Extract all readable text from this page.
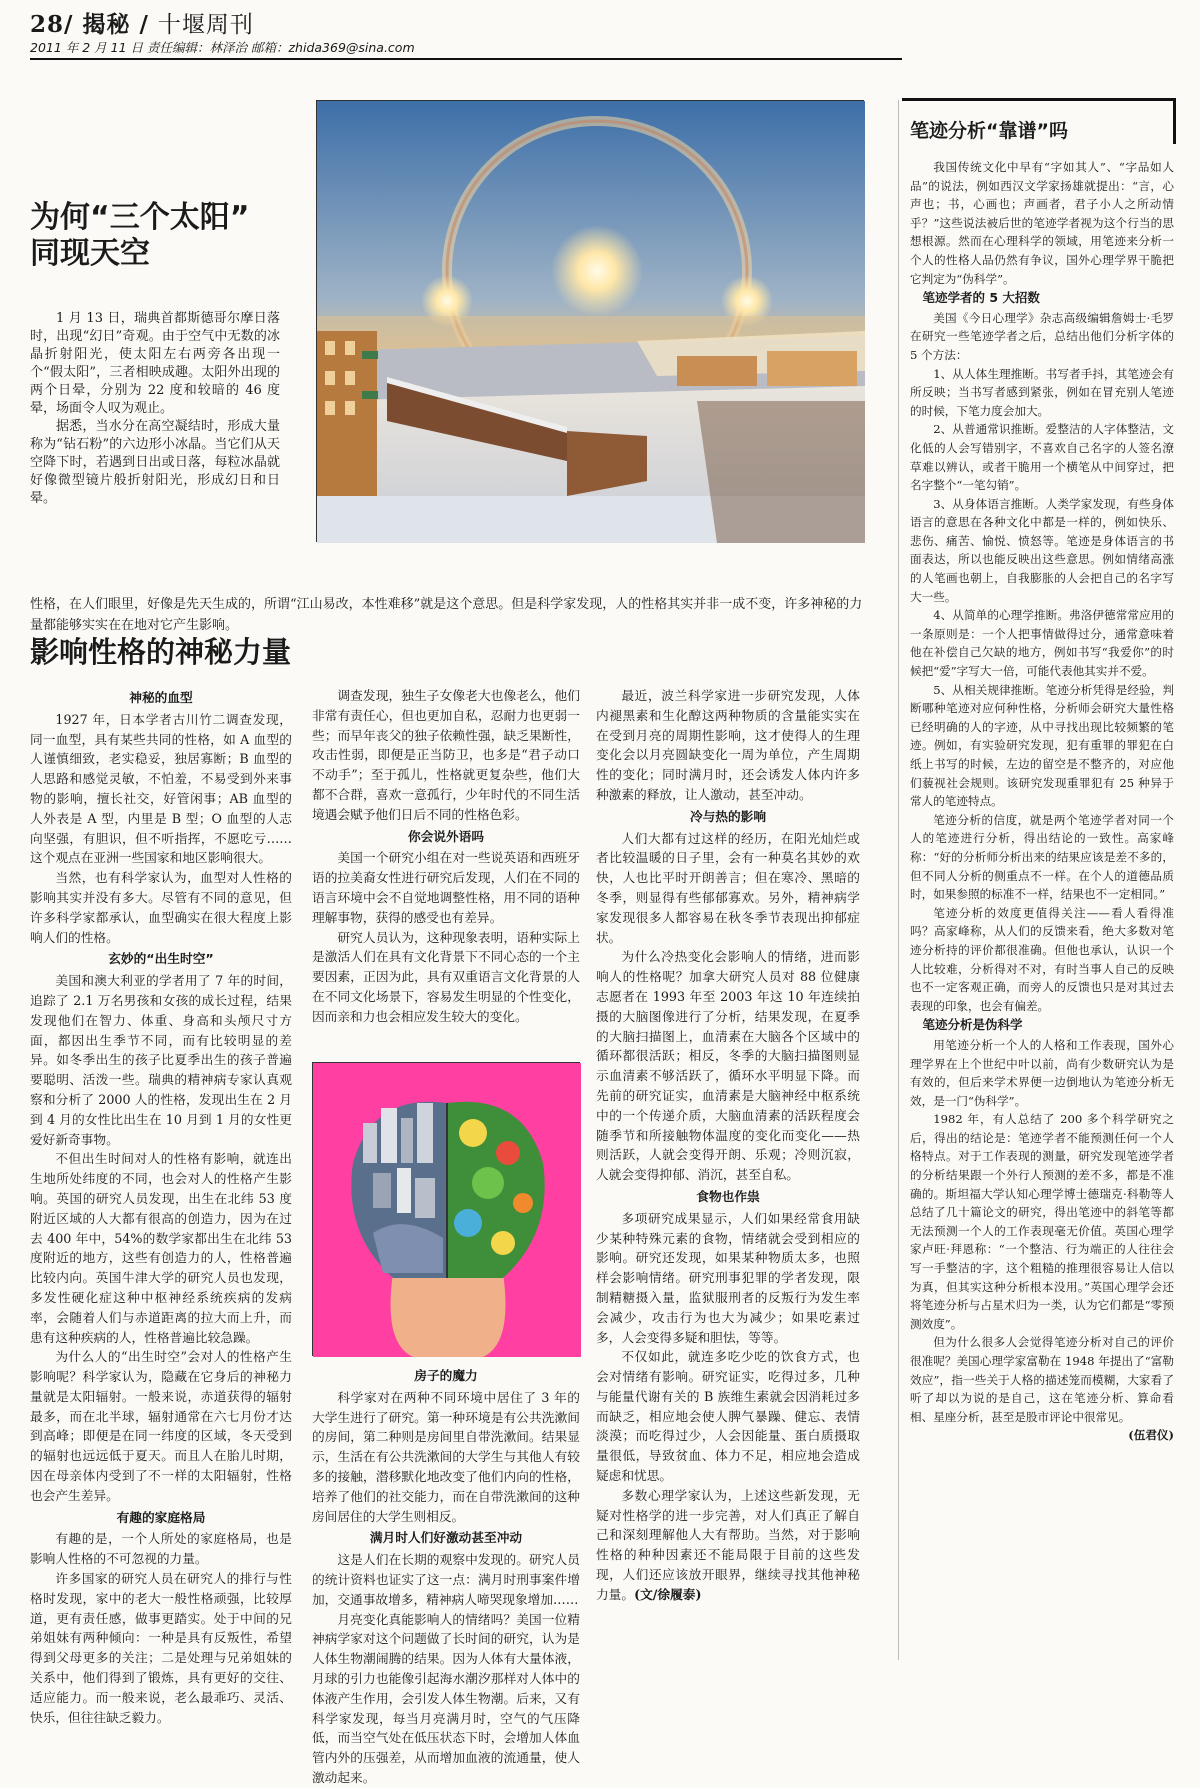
28/ 揭秘 / 十堰周刊
2011 年 2 月 11 日 责任编辑：林泽治 邮箱：zhida369@sina.com
为何“三个太阳”
同现天空

1 月 13 日，瑞典首都斯德哥尔摩日落时，出现“幻日”奇观。由于空气中无数的冰晶折射阳光，使太阳左右两旁各出现一个“假太阳”，三者相映成趣。太阳外出现的两个日晕，分别为 22 度和较暗的 46 度晕，场面令人叹为观止。

据悉，当水分在高空凝结时，形成大量称为“钻石粉”的六边形小冰晶。当它们从天空降下时，若遇到日出或日落，每粒冰晶就好像微型镜片般折射阳光，形成幻日和日晕。

笔迹分析“靠谱”吗

我国传统文化中早有“字如其人”、“字品如人品”的说法，例如西汉文学家扬雄就提出：“言，心声也；书，心画也；声画者，君子小人之所动情乎？”这些说法被后世的笔迹学者视为这个行当的思想根源。然而在心理科学的领域，用笔迹来分析一个人的性格人品仍然有争议，国外心理学界干脆把它判定为“伪科学”。

笔迹学者的 5 大招数

美国《今日心理学》杂志高级编辑詹姆士·毛罗在研究一些笔迹学者之后，总结出他们分析字体的 5 个方法：

1、从人体生理推断。书写者手抖，其笔迹会有所反映；当书写者感到紧张，例如在冒充别人笔迹的时候，下笔力度会加大。

2、从普通常识推断。爱整洁的人字体整洁，文化低的人会写错别字，不喜欢自己名字的人签名潦草难以辨认，或者干脆用一个横笔从中间穿过，把名字整个“一笔勾销”。

3、从身体语言推断。人类学家发现，有些身体语言的意思在各种文化中都是一样的，例如快乐、悲伤、痛苦、愉悦、愤怒等。笔迹是身体语言的书面表达，所以也能反映出这些意思。例如情绪高涨的人笔画也朝上，自我膨胀的人会把自己的名字写大一些。

4、从简单的心理学推断。弗洛伊德常常应用的一条原则是：一个人把事情做得过分，通常意味着他在补偿自己欠缺的地方，例如书写“我爱你”的时候把“爱”字写大一倍，可能代表他其实并不爱。

5、从相关规律推断。笔迹分析凭得是经验，判断哪种笔迹对应何种性格，分析师会研究大量性格已经明确的人的字迹，从中寻找出现比较频繁的笔迹。例如，有实验研究发现，犯有重罪的罪犯在白纸上书写的时候，左边的留空是不整齐的，对应他们藐视社会规则。该研究发现重罪犯有 25 种异于常人的笔迹特点。

笔迹分析的信度，就是两个笔迹学者对同一个人的笔迹进行分析，得出结论的一致性。高家峰称：“好的分析师分析出来的结果应该是差不多的，但不同人分析的侧重点不一样。在个人的道德品质时，如果参照的标准不一样，结果也不一定相同。”

笔迹分析的效度更值得关注——看人看得准吗？高家峰称，从人们的反馈来看，绝大多数对笔迹分析持的评价都很准确。但他也承认，认识一个人比较难，分析得对不对，有时当事人自己的反映也不一定客观正确，而旁人的反馈也只是对其过去表现的印象，也会有偏差。

笔迹分析是伪科学

用笔迹分析一个人的人格和工作表现，国外心理学界在上个世纪中叶以前，尚有少数研究认为是有效的，但后来学术界便一边倒地认为笔迹分析无效，是一门“伪科学”。

1982 年，有人总结了 200 多个科学研究之后，得出的结论是：笔迹学者不能预测任何一个人格特点。对于工作表现的测量，研究发现笔迹学者的分析结果跟一个外行人预测的差不多，都是不准确的。斯坦福大学认知心理学博士德瑞克·科勒等人总结了几十篇论文的研究，得出笔迹中的斜笔等都无法预测一个人的工作表现毫无价值。英国心理学家卢旺·拜恩称：“一个整洁、行为端正的人往往会写一手整洁的字，这个粗糙的推理很容易让人信以为真，但其实这种分析根本没用。”英国心理学会还将笔迹分析与占星术归为一类，认为它们都是“零预测效度”。

但为什么很多人会觉得笔迹分析对自己的评价很准呢？美国心理学家富勒在 1948 年提出了“富勒效应”，指一些关于人格的描述笼而模糊，大家看了听了却以为说的是自己，这在笔迹分析、算命看相、星座分析，甚至是股市评论中很常见。

(伍君仪)

性格，在人们眼里，好像是先天生成的，所谓“江山易改，本性难移”就是这个意思。但是科学家发现，人的性格其实并非一成不变，许多神秘的力量都能够实实在在地对它产生影响。
影响性格的神秘力量
神秘的血型

1927 年，日本学者古川竹二调查发现，同一血型，具有某些共同的性格，如 A 血型的人谨慎细致，老实稳妥，独居寡断；B 血型的人思路和感觉灵敏，不怕羞，不易受到外来事物的影响，擅长社交，好管闲事；AB 血型的人外表是 A 型，内里是 B 型；O 血型的人志向坚强，有胆识，但不听指挥，不愿吃亏……这个观点在亚洲一些国家和地区影响很大。

当然，也有科学家认为，血型对人性格的影响其实并没有多大。尽管有不同的意见，但许多科学家都承认，血型确实在很大程度上影响人们的性格。

玄妙的“出生时空”

美国和澳大利亚的学者用了 7 年的时间，追踪了 2.1 万名男孩和女孩的成长过程，结果发现他们在智力、体重、身高和头颅尺寸方面，都因出生季节不同，而有比较明显的差异。如冬季出生的孩子比夏季出生的孩子普遍要聪明、活泼一些。瑞典的精神病专家认真观察和分析了 2000 人的性格，发现出生在 2 月到 4 月的女性比出生在 10 月到 1 月的女性更爱好新奇事物。

不但出生时间对人的性格有影响，就连出生地所处纬度的不同，也会对人的性格产生影响。英国的研究人员发现，出生在北纬 53 度附近区域的人大都有很高的创造力，因为在过去 400 年中，54%的数学家都出生在北纬 53 度附近的地方，这些有创造力的人，性格普遍比较内向。英国牛津大学的研究人员也发现，多发性硬化症这种中枢神经系统疾病的发病率，会随着人们与赤道距离的拉大而上升，而患有这种疾病的人，性格普遍比较急躁。

为什么人的“出生时空”会对人的性格产生影响呢？科学家认为，隐藏在它身后的神秘力量就是太阳辐射。一般来说，赤道获得的辐射最多，而在北半球，辐射通常在六七月份才达到高峰；即便是在同一纬度的区域，冬天受到的辐射也远远低于夏天。而且人在胎儿时期，因在母亲体内受到了不一样的太阳辐射，性格也会产生差异。

有趣的家庭格局

有趣的是，一个人所处的家庭格局，也是影响人性格的不可忽视的力量。

许多国家的研究人员在研究人的排行与性格时发现，家中的老大一般性格顽强，比较厚道，更有责任感，做事更踏实。处于中间的兄弟姐妹有两种倾向：一种是具有反叛性，希望得到父母更多的关注；二是处理与兄弟姐妹的关系中，他们得到了锻炼，具有更好的交往、适应能力。而一般来说，老么最乖巧、灵活、快乐，但往往缺乏毅力。

调查发现，独生子女像老大也像老么，他们非常有责任心，但也更加自私，忍耐力也更弱一些；而早年丧父的独子依赖性强，缺乏果断性，攻击性弱，即便是正当防卫，也多是“君子动口不动手”；至于孤儿，性格就更复杂些，他们大都不合群，喜欢一意孤行，少年时代的不同生活境遇会赋予他们日后不同的性格色彩。

你会说外语吗

美国一个研究小组在对一些说英语和西班牙语的拉美裔女性进行研究后发现，人们在不同的语言环境中会不自觉地调整性格，用不同的语种理解事物，获得的感受也有差异。

研究人员认为，这种现象表明，语种实际上是激活人们在具有文化背景下不同心态的一个主要因素，正因为此，具有双重语言文化背景的人在不同文化场景下，容易发生明显的个性变化，因而亲和力也会相应发生较大的变化。

房子的魔力

科学家对在两种不同环境中居住了 3 年的大学生进行了研究。第一种环境是有公共洗漱间的房间，第二种则是房间里自带洗漱间。结果显示，生活在有公共洗漱间的大学生与其他人有较多的接触，潜移默化地改变了他们内向的性格，培养了他们的社交能力，而在自带洗漱间的这种房间居住的大学生则相反。

满月时人们好激动甚至冲动

这是人们在长期的观察中发现的。研究人员的统计资料也证实了这一点：满月时刑事案件增加，交通事故增多，精神病人啼哭现象增加……

月亮变化真能影响人的情绪吗？美国一位精神病学家对这个问题做了长时间的研究，认为是人体生物潮闹腾的结果。因为人体有大量体液，月球的引力也能像引起海水潮汐那样对人体中的体液产生作用，会引发人体生物潮。后来，又有科学家发现，每当月亮满月时，空气的气压降低，而当空气处在低压状态下时，会增加人体血管内外的压强差，从而增加血液的流通量，使人激动起来。

最近，波兰科学家进一步研究发现，人体内褪黑素和生化醇这两种物质的含量能实实在在受到月亮的周期性影响，这才使得人的生理变化会以月亮圆缺变化一周为单位，产生周期性的变化；同时满月时，还会诱发人体内许多种激素的释放，让人激动，甚至冲动。

冷与热的影响

人们大都有过这样的经历，在阳光灿烂或者比较温暖的日子里，会有一种莫名其妙的欢快，人也比平时开朗善言；但在寒冷、黑暗的冬季，则显得有些郁郁寡欢。另外，精神病学家发现很多人都容易在秋冬季节表现出抑郁症状。

为什么冷热变化会影响人的情绪，进而影响人的性格呢？加拿大研究人员对 88 位健康志愿者在 1993 年至 2003 年这 10 年连续拍摄的大脑图像进行了分析，结果发现，在夏季的大脑扫描图上，血清素在大脑各个区域中的循环都很活跃；相反，冬季的大脑扫描图则显示血清素不够活跃了，循环水平明显下降。而先前的研究证实，血清素是大脑神经中枢系统中的一个传递介质，大脑血清素的活跃程度会随季节和所接触物体温度的变化而变化——热则活跃，人就会变得开朗、乐观；冷则沉寂，人就会变得抑郁、消沉，甚至自私。

食物也作祟

多项研究成果显示，人们如果经常食用缺少某种特殊元素的食物，情绪就会受到相应的影响。研究还发现，如果某种物质太多，也照样会影响情绪。研究刑事犯罪的学者发现，限制精糖摄入量，监狱服刑者的反叛行为发生率会减少，攻击行为也大为减少；如果吃素过多，人会变得多疑和胆怯，等等。

不仅如此，就连多吃少吃的饮食方式，也会对情绪有影响。研究证实，吃得过多，几种与能量代谢有关的 B 族维生素就会因消耗过多而缺乏，相应地会使人脾气暴躁、健忘、表情淡漠；而吃得过少，人会因能量、蛋白质摄取量很低，导致贫血、体力不足，相应地会造成疑虑和忧思。

多数心理学家认为，上述这些新发现，无疑对性格学的进一步完善，对人们真正了解自己和深刻理解他人大有帮助。当然，对于影响性格的种种因素还不能局限于目前的这些发现，人们还应该放开眼界，继续寻找其他神秘力量。(文/徐履泰)
